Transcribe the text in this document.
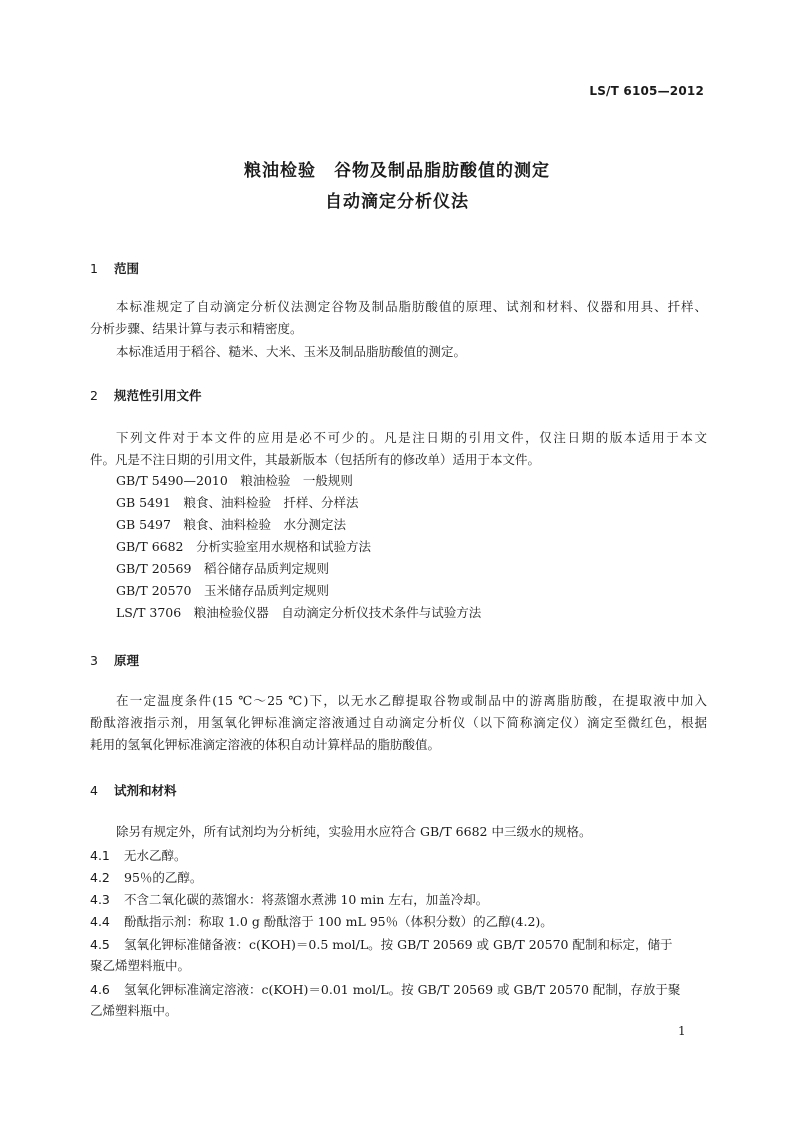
LS/T 6105—2012
粮油检验　谷物及制品脂肪酸值的测定
自动滴定分析仪法
1 范围
本标准规定了自动滴定分析仪法测定谷物及制品脂肪酸值的原理、试剂和材料、仪器和用具、扦样、
分析步骤、结果计算与表示和精密度。
本标准适用于稻谷、糙米、大米、玉米及制品脂肪酸值的测定。
2 规范性引用文件
下列文件对于本文件的应用是必不可少的。凡是注日期的引用文件，仅注日期的版本适用于本文
件。凡是不注日期的引用文件，其最新版本（包括所有的修改单）适用于本文件。
GB/T 5490—2010　粮油检验　一般规则
GB 5491　粮食、油料检验　扦样、分样法
GB 5497　粮食、油料检验　水分测定法
GB/T 6682　分析实验室用水规格和试验方法
GB/T 20569　稻谷储存品质判定规则
GB/T 20570　玉米储存品质判定规则
LS/T 3706　粮油检验仪器　自动滴定分析仪技术条件与试验方法
3 原理
在一定温度条件(15 ℃～25 ℃)下，以无水乙醇提取谷物或制品中的游离脂肪酸，在提取液中加入
酚酞溶液指示剂，用氢氧化钾标准滴定溶液通过自动滴定分析仪（以下简称滴定仪）滴定至微红色，根据
耗用的氢氧化钾标准滴定溶液的体积自动计算样品的脂肪酸值。
4 试剂和材料
除另有规定外，所有试剂均为分析纯，实验用水应符合 GB/T 6682 中三级水的规格。
4.1 无水乙醇。
4.2 95％的乙醇。
4.3 不含二氧化碳的蒸馏水：将蒸馏水煮沸 10 min 左右，加盖冷却。
4.4 酚酞指示剂：称取 1.0 g 酚酞溶于 100 mL 95％（体积分数）的乙醇(4.2)。
4.5 氢氧化钾标准储备液：c(KOH)＝0.5 mol/L。按 GB/T 20569 或 GB/T 20570 配制和标定，储于
聚乙烯塑料瓶中。
4.6 氢氧化钾标准滴定溶液：c(KOH)＝0.01 mol/L。按 GB/T 20569 或 GB/T 20570 配制，存放于聚
乙烯塑料瓶中。
1
